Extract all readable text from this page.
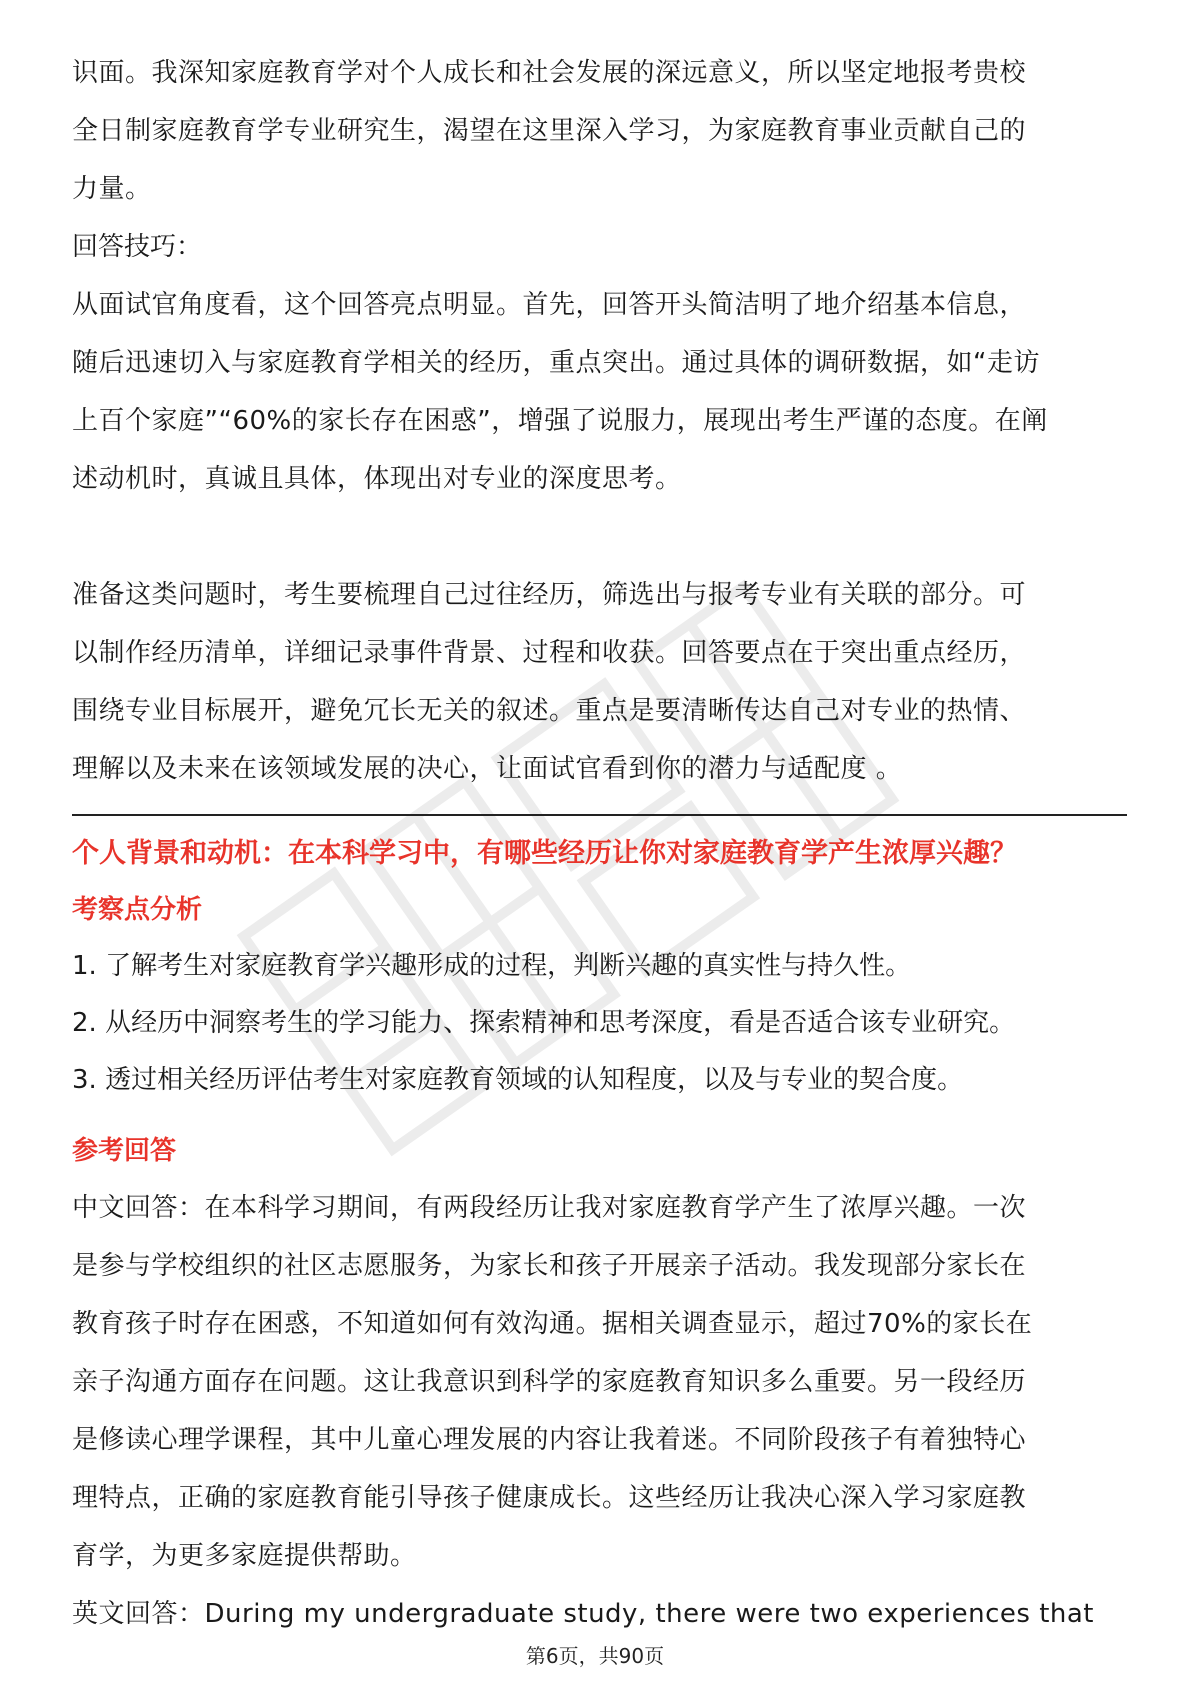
识面。我深知家庭教育学对个人成长和社会发展的深远意义，所以坚定地报考贵校

全日制家庭教育学专业研究生，渴望在这里深入学习，为家庭教育事业贡献自己的

力量。

回答技巧：

从面试官角度看，这个回答亮点明显。首先，回答开头简洁明了地介绍基本信息，

随后迅速切入与家庭教育学相关的经历，重点突出。通过具体的调研数据，如“走访

上百个家庭”“60%的家长存在困惑”，增强了说服力，展现出考生严谨的态度。在阐

述动机时，真诚且具体，体现出对专业的深度思考。

准备这类问题时，考生要梳理自己过往经历，筛选出与报考专业有关联的部分。可

以制作经历清单，详细记录事件背景、过程和收获。回答要点在于突出重点经历，

围绕专业目标展开，避免冗长无关的叙述。重点是要清晰传达自己对专业的热情、

理解以及未来在该领域发展的决心，让面试官看到你的潜力与适配度 。

个人背景和动机：在本科学习中，有哪些经历让你对家庭教育学产生浓厚兴趣？

考察点分析

1. 了解考生对家庭教育学兴趣形成的过程，判断兴趣的真实性与持久性。

2. 从经历中洞察考生的学习能力、探索精神和思考深度，看是否适合该专业研究。

3. 透过相关经历评估考生对家庭教育领域的认知程度，以及与专业的契合度。

参考回答

中文回答：在本科学习期间，有两段经历让我对家庭教育学产生了浓厚兴趣。一次

是参与学校组织的社区志愿服务，为家长和孩子开展亲子活动。我发现部分家长在

教育孩子时存在困惑，不知道如何有效沟通。据相关调查显示，超过70%的家长在

亲子沟通方面存在问题。这让我意识到科学的家庭教育知识多么重要。另一段经历

是修读心理学课程，其中儿童心理发展的内容让我着迷。不同阶段孩子有着独特心

理特点，正确的家庭教育能引导孩子健康成长。这些经历让我决心深入学习家庭教

育学，为更多家庭提供帮助。

英文回答：During my undergraduate study, there were two experiences that

第6页，共90页
